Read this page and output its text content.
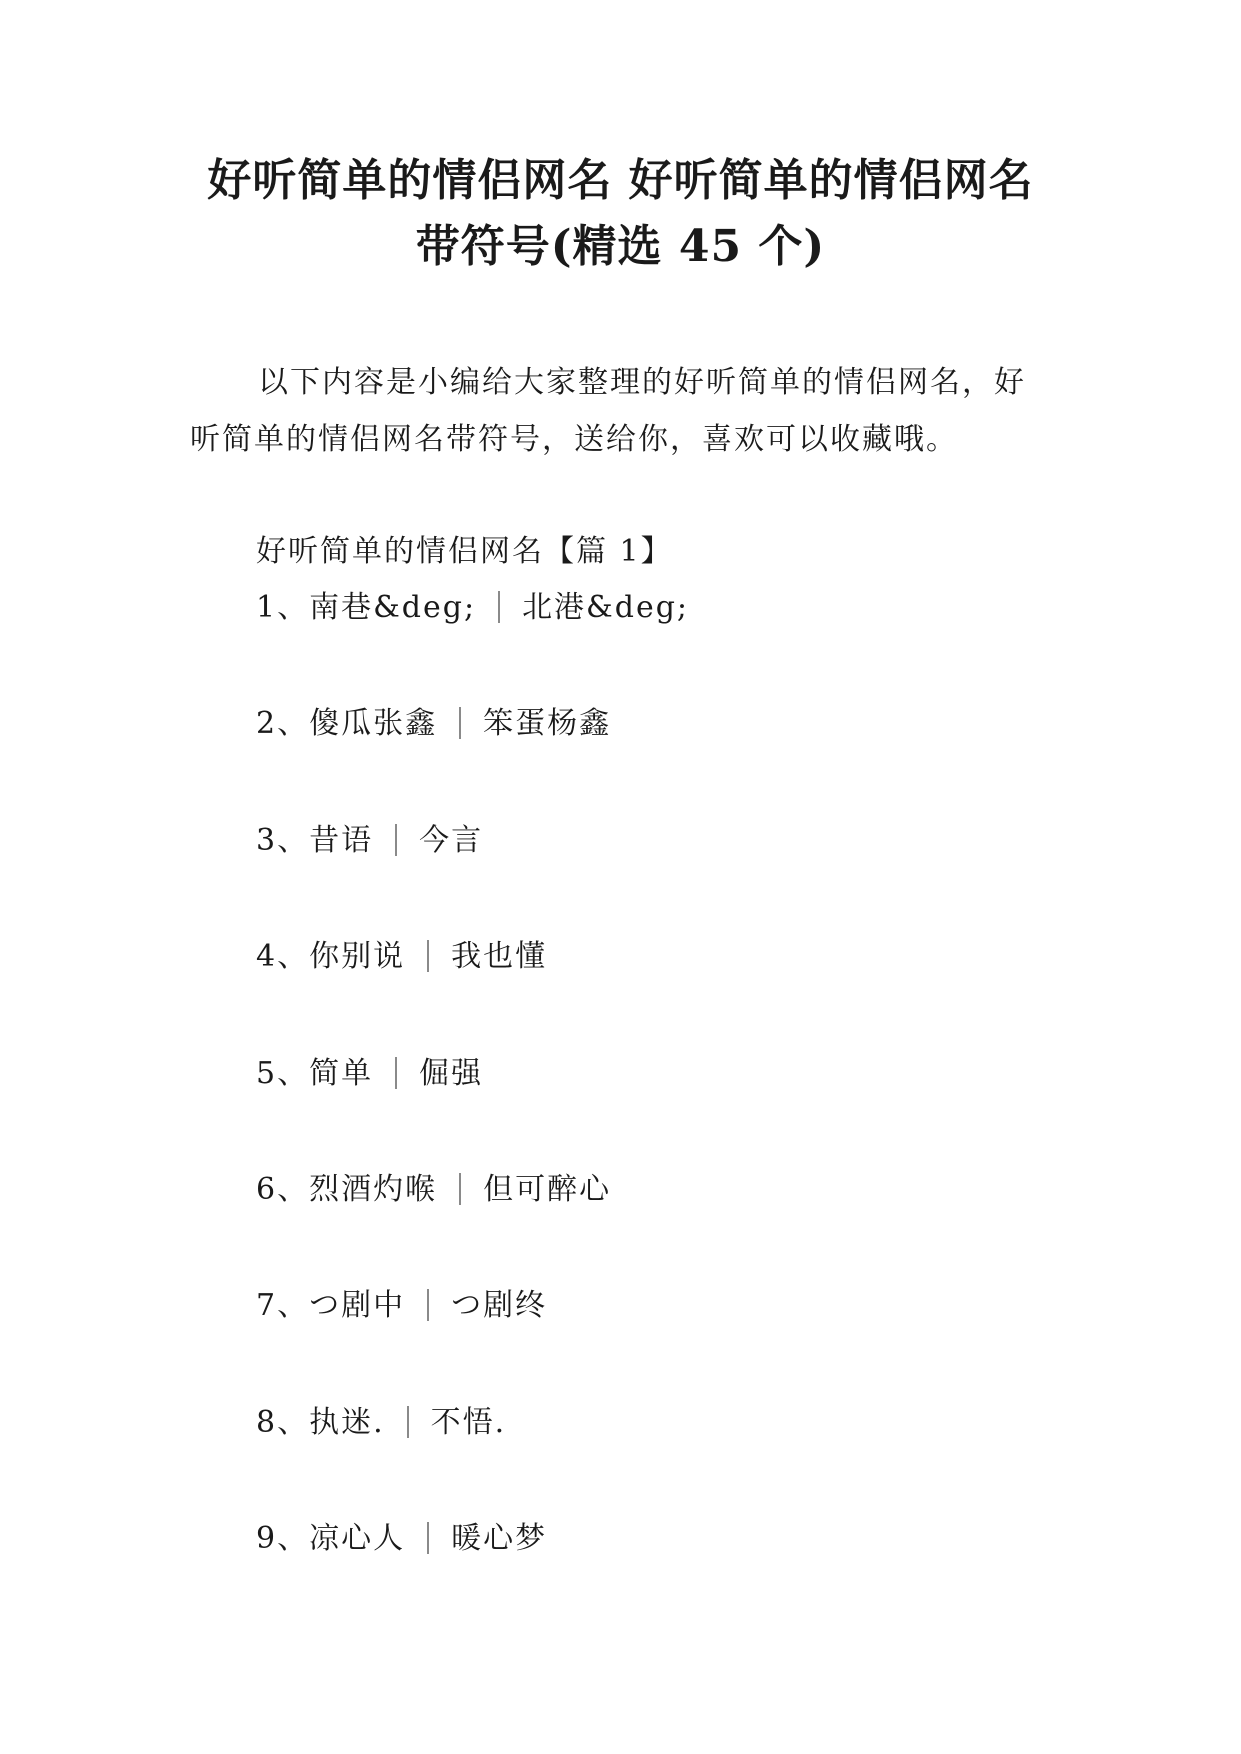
好听简单的情侣网名 好听简单的情侣网名
带符号(精选 45 个)

以下内容是小编给大家整理的好听简单的情侣网名，好
听简单的情侣网名带符号，送给你，喜欢可以收藏哦。

好听简单的情侣网名【篇 1】
1、南巷&deg; 北港&deg;
2、傻瓜张鑫 笨蛋杨鑫
3、昔语 今言
4、你别说 我也懂
5、简单 倔强
6、烈酒灼喉 但可醉心
7、つ剧中 つ剧终
8、执迷. 不悟.
9、凉心人 暖心梦
